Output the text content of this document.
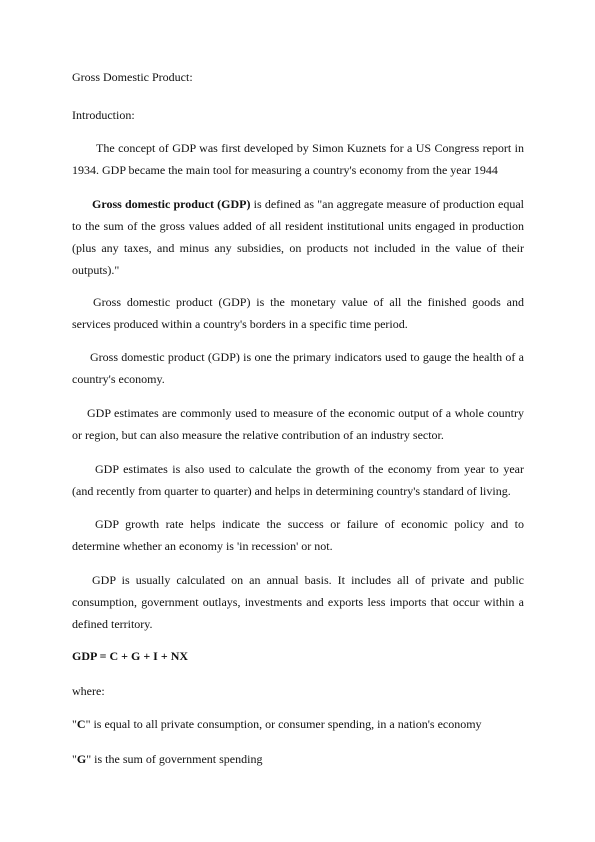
Gross Domestic Product:

Introduction:

The concept of GDP was first developed by Simon Kuznets for a US Congress report in 1934. GDP became the main tool for measuring a country's economy from the year 1944

Gross domestic product (GDP) is defined as "an aggregate measure of production equal to the sum of the gross values added of all resident institutional units engaged in production (plus any taxes, and minus any subsidies, on products not included in the value of their outputs)."

Gross domestic product (GDP) is the monetary value of all the finished goods and services produced within a country's borders in a specific time period.

Gross domestic product (GDP) is one the primary indicators used to gauge the health of a country's economy.

GDP estimates are commonly used to measure of the economic output of a whole country or region, but can also measure the relative contribution of an industry sector.

GDP estimates is also used to calculate the growth of the economy from year to year (and recently from quarter to quarter) and helps in determining country's standard of living.

GDP growth rate helps indicate the success or failure of economic policy and to determine whether an economy is 'in recession' or not.

GDP is usually calculated on an annual basis. It includes all of private and public consumption, government outlays, investments and exports less imports that occur within a defined territory.

GDP = C + G + I + NX

where:

"C" is equal to all private consumption, or consumer spending, in a nation's economy

"G" is the sum of government spending
